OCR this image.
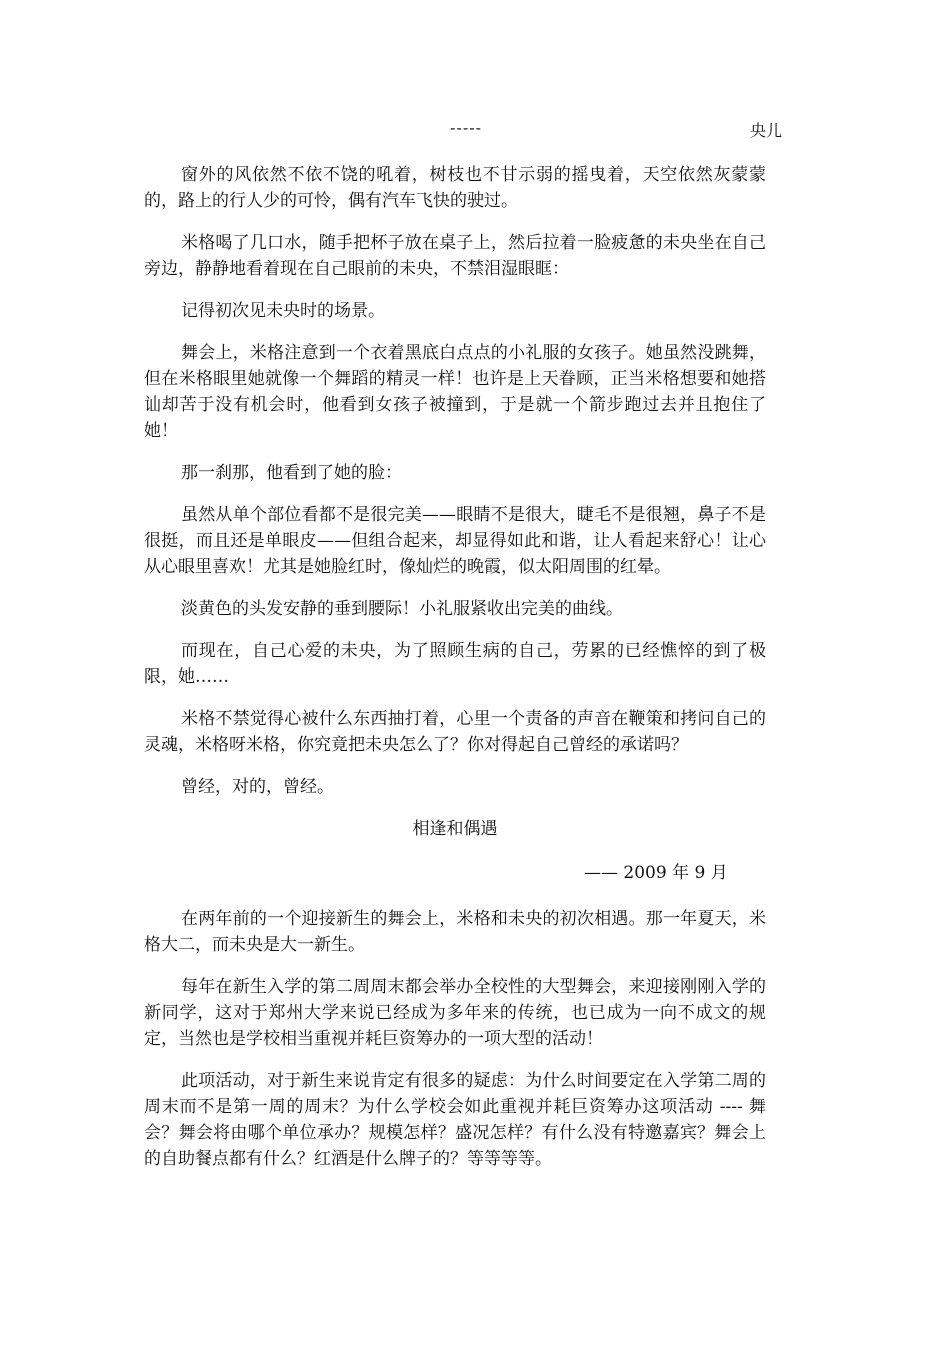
-----	央儿

窗外的风依然不依不饶的吼着，树枝也不甘示弱的摇曳着，天空依然灰蒙蒙的，路上的行人少的可怜，偶有汽车飞快的驶过。

米格喝了几口水，随手把杯子放在桌子上，然后拉着一脸疲惫的未央坐在自己旁边，静静地看着现在自己眼前的未央，不禁泪湿眼眶：

记得初次见未央时的场景。

舞会上，米格注意到一个衣着黑底白点点的小礼服的女孩子。她虽然没跳舞，但在米格眼里她就像一个舞蹈的精灵一样！也许是上天眷顾，正当米格想要和她搭讪却苦于没有机会时，他看到女孩子被撞到，于是就一个箭步跑过去并且抱住了她！

那一刹那，他看到了她的脸：

虽然从单个部位看都不是很完美——眼睛不是很大，睫毛不是很翘，鼻子不是很挺，而且还是单眼皮——但组合起来，却显得如此和谐，让人看起来舒心！让心从心眼里喜欢！尤其是她脸红时，像灿烂的晚霞，似太阳周围的红晕。

淡黄色的头发安静的垂到腰际！小礼服紧收出完美的曲线。

而现在，自己心爱的未央，为了照顾生病的自己，劳累的已经憔悴的到了极限，她……

米格不禁觉得心被什么东西抽打着，心里一个责备的声音在鞭策和拷问自己的灵魂，米格呀米格，你究竟把未央怎么了？你对得起自己曾经的承诺吗？

曾经，对的，曾经。

相逢和偶遇
—— 2009 年 9 月

在两年前的一个迎接新生的舞会上，米格和未央的初次相遇。那一年夏天，米格大二，而未央是大一新生。

每年在新生入学的第二周周末都会举办全校性的大型舞会，来迎接刚刚入学的新同学，这对于郑州大学来说已经成为多年来的传统，也已成为一向不成文的规定，当然也是学校相当重视并耗巨资筹办的一项大型的活动！

此项活动，对于新生来说肯定有很多的疑虑：为什么时间要定在入学第二周的周末而不是第一周的周末？为什么学校会如此重视并耗巨资筹办这项活动 ---- 舞会？舞会将由哪个单位承办？规模怎样？盛况怎样？有什么没有特邀嘉宾？舞会上的自助餐点都有什么？红酒是什么牌子的？等等等等。
